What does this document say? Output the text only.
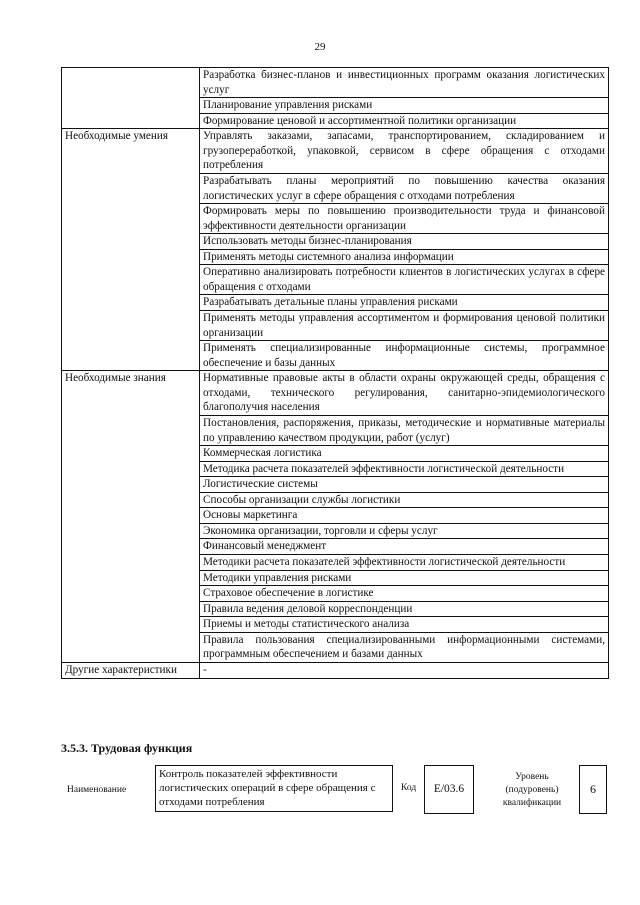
29
	Разработка бизнес-планов и инвестиционных программ оказания логистических услуг
	Планирование управления рисками
	Формирование ценовой и ассортиментной политики организации
Необходимые умения	Управлять заказами, запасами, транспортированием, складированием и грузопереработкой, упаковкой, сервисом в сфере обращения с отходами потребления
	Разрабатывать планы мероприятий по повышению качества оказания логистических услуг в сфере обращения с отходами потребления
	Формировать меры по повышению производительности труда и финансовой эффективности деятельности организации
	Использовать методы бизнес-планирования
	Применять методы системного анализа информации
	Оперативно анализировать потребности клиентов в логистических услугах в сфере обращения с отходами
	Разрабатывать детальные планы управления рисками
	Применять методы управления ассортиментом и формирования ценовой политики организации
	Применять специализированные информационные системы, программное обеспечение и базы данных
Необходимые знания	Нормативные правовые акты в области охраны окружающей среды, обращения с отходами, технического регулирования, санитарно-эпидемиологического благополучия населения
	Постановления, распоряжения, приказы, методические и нормативные материалы по управлению качеством продукции, работ (услуг)
	Коммерческая логистика
	Методика расчета показателей эффективности логистической деятельности
	Логистические системы
	Способы организации службы логистики
	Основы маркетинга
	Экономика организации, торговли и сферы услуг
	Финансовый менеджмент
	Методики расчета показателей эффективности логистической деятельности
	Методики управления рисками
	Страховое обеспечение в логистике
	Правила ведения деловой корреспонденции
	Приемы и методы статистического анализа
	Правила пользования специализированными информационными системами, программным обеспечением и базами данных
Другие характеристики	-
3.5.3. Трудовая функция
Наименование
Контроль показателей эффективности логистических операций в сфере обращения с отходами потребления
Код	E/03.6
Уровень (подуровень) квалификации
6
